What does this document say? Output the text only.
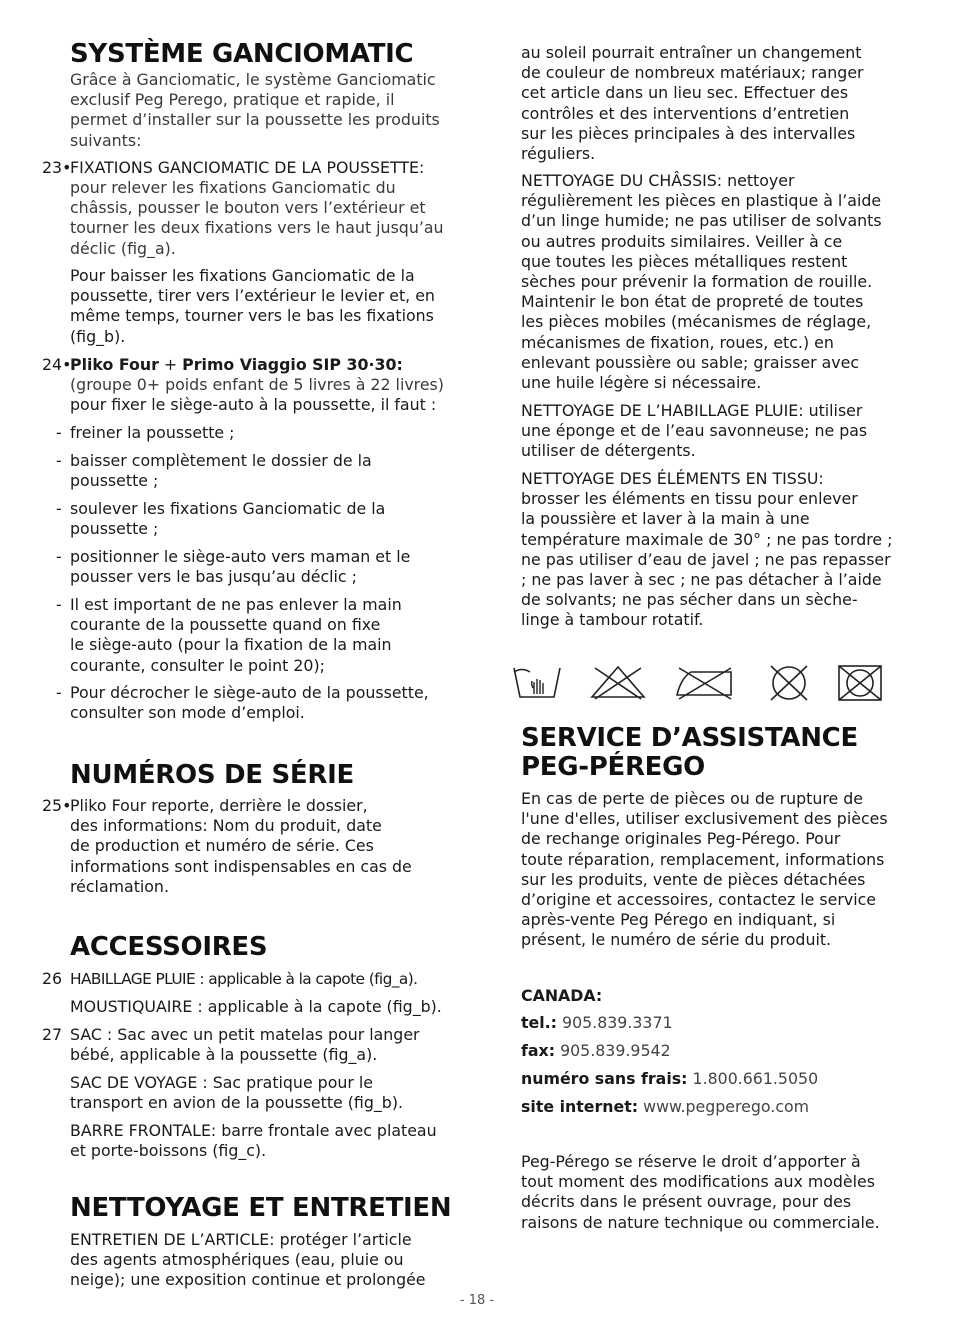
SYSTÈME GANCIOMATIC
Grâce à Ganciomatic, le système Ganciomatic
exclusif Peg Perego, pratique et rapide, il
permet d’installer sur la poussette les produits
suivants:
23•
FIXATIONS GANCIOMATIC DE LA POUSSETTE:
pour relever les fixations Ganciomatic du
châssis, pousser le bouton vers l’extérieur et
tourner les deux fixations vers le haut jusqu’au
déclic (fig_a).
Pour baisser les fixations Ganciomatic de la
poussette, tirer vers l’extérieur le levier et, en
même temps, tourner vers le bas les fixations
(fig_b).
24•
Pliko Four + Primo Viaggio SIP 30·30:
(groupe 0+ poids enfant de 5 livres à 22 livres)
pour fixer le siège-auto à la poussette, il faut :
- freiner la poussette ;
- baisser complètement le dossier de la
poussette ;
- soulever les fixations Ganciomatic de la
poussette ;
- positionner le siège-auto vers maman et le
pousser vers le bas jusqu’au déclic ;
- Il est important de ne pas enlever la main
courante de la poussette quand on fixe
le siège-auto (pour la fixation de la main
courante, consulter le point 20);
- Pour décrocher le siège-auto de la poussette,
consulter son mode d’emploi.
NUMÉROS DE SÉRIE
25•
Pliko Four reporte, derrière le dossier,
des informations: Nom du produit, date
de production et numéro de série. Ces
informations sont indispensables en cas de
réclamation.
ACCESSOIRES
26 HABILLAGE PLUIE : applicable à la capote (fig_a).
MOUSTIQUAIRE : applicable à la capote (fig_b).
27 SAC : Sac avec un petit matelas pour langer
bébé, applicable à la poussette (fig_a).
SAC DE VOYAGE : Sac pratique pour le
transport en avion de la poussette (fig_b).
BARRE FRONTALE: barre frontale avec plateau
et porte-boissons (fig_c).
NETTOYAGE ET ENTRETIEN
ENTRETIEN DE L’ARTICLE: protéger l’article
des agents atmosphériques (eau, pluie ou
neige); une exposition continue et prolongée
au soleil pourrait entraîner un changement
de couleur de nombreux matériaux; ranger
cet article dans un lieu sec. Effectuer des
contrôles et des interventions d’entretien
sur les pièces principales à des intervalles
réguliers.
NETTOYAGE DU CHÂSSIS: nettoyer
régulièrement les pièces en plastique à l’aide
d’un linge humide; ne pas utiliser de solvants
ou autres produits similaires. Veiller à ce
que toutes les pièces métalliques restent
sèches pour prévenir la formation de rouille.
Maintenir le bon état de propreté de toutes
les pièces mobiles (mécanismes de réglage,
mécanismes de fixation, roues, etc.) en
enlevant poussière ou sable; graisser avec
une huile légère si nécessaire.
NETTOYAGE DE L’HABILLAGE PLUIE: utiliser
une éponge et de l’eau savonneuse; ne pas
utiliser de détergents.
NETTOYAGE DES ÉLÉMENTS EN TISSU:
brosser les éléments en tissu pour enlever
la poussière et laver à la main à une
température maximale de 30° ; ne pas tordre ;
ne pas utiliser d’eau de javel ; ne pas repasser
; ne pas laver à sec ; ne pas détacher à l’aide
de solvants; ne pas sécher dans un sèche-
linge à tambour rotatif.
SERVICE D’ASSISTANCE
PEG-PÉREGO
En cas de perte de pièces ou de rupture de
l'une d'elles, utiliser exclusivement des pièces
de rechange originales Peg-Pérego. Pour
toute réparation, remplacement, informations
sur les produits, vente de pièces détachées
d’origine et accessoires, contactez le service
après-vente Peg Pérego en indiquant, si
présent, le numéro de série du produit.
CANADA:
tel.: 905.839.3371
fax: 905.839.9542
numéro sans frais: 1.800.661.5050
site internet: www.pegperego.com
Peg-Pérego se réserve le droit d’apporter à
tout moment des modifications aux modèles
décrits dans le présent ouvrage, pour des
raisons de nature technique ou commerciale.
- 18 -
